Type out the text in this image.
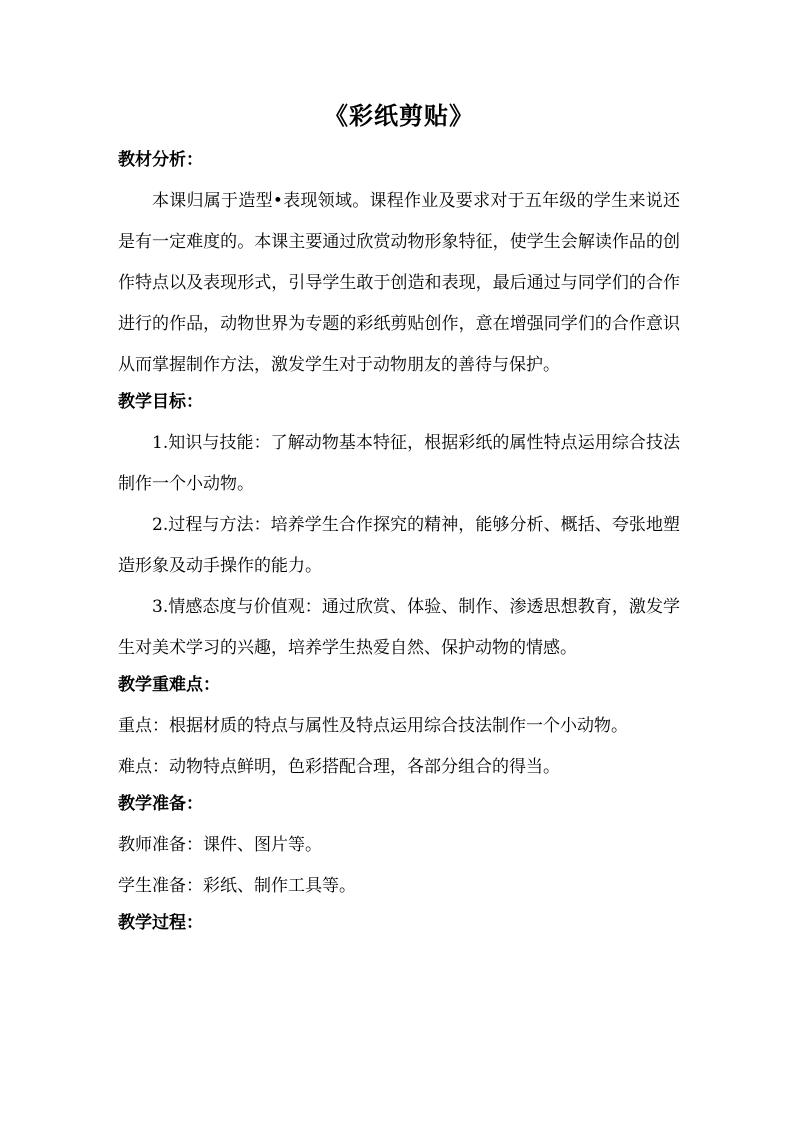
《彩纸剪贴》
教材分析：
本课归属于造型•表现领域。课程作业及要求对于五年级的学生来说还是有一定难度的。本课主要通过欣赏动物形象特征，使学生会解读作品的创作特点以及表现形式，引导学生敢于创造和表现，最后通过与同学们的合作进行的作品，动物世界为专题的彩纸剪贴创作，意在增强同学们的合作意识从而掌握制作方法，激发学生对于动物朋友的善待与保护。
教学目标：
1.知识与技能：了解动物基本特征，根据彩纸的属性特点运用综合技法制作一个小动物。
2.过程与方法：培养学生合作探究的精神，能够分析、概括、夸张地塑造形象及动手操作的能力。
3.情感态度与价值观：通过欣赏、体验、制作、渗透思想教育，激发学生对美术学习的兴趣，培养学生热爱自然、保护动物的情感。
教学重难点：
重点：根据材质的特点与属性及特点运用综合技法制作一个小动物。
难点：动物特点鲜明，色彩搭配合理，各部分组合的得当。
教学准备：
教师准备：课件、图片等。
学生准备：彩纸、制作工具等。
教学过程：
